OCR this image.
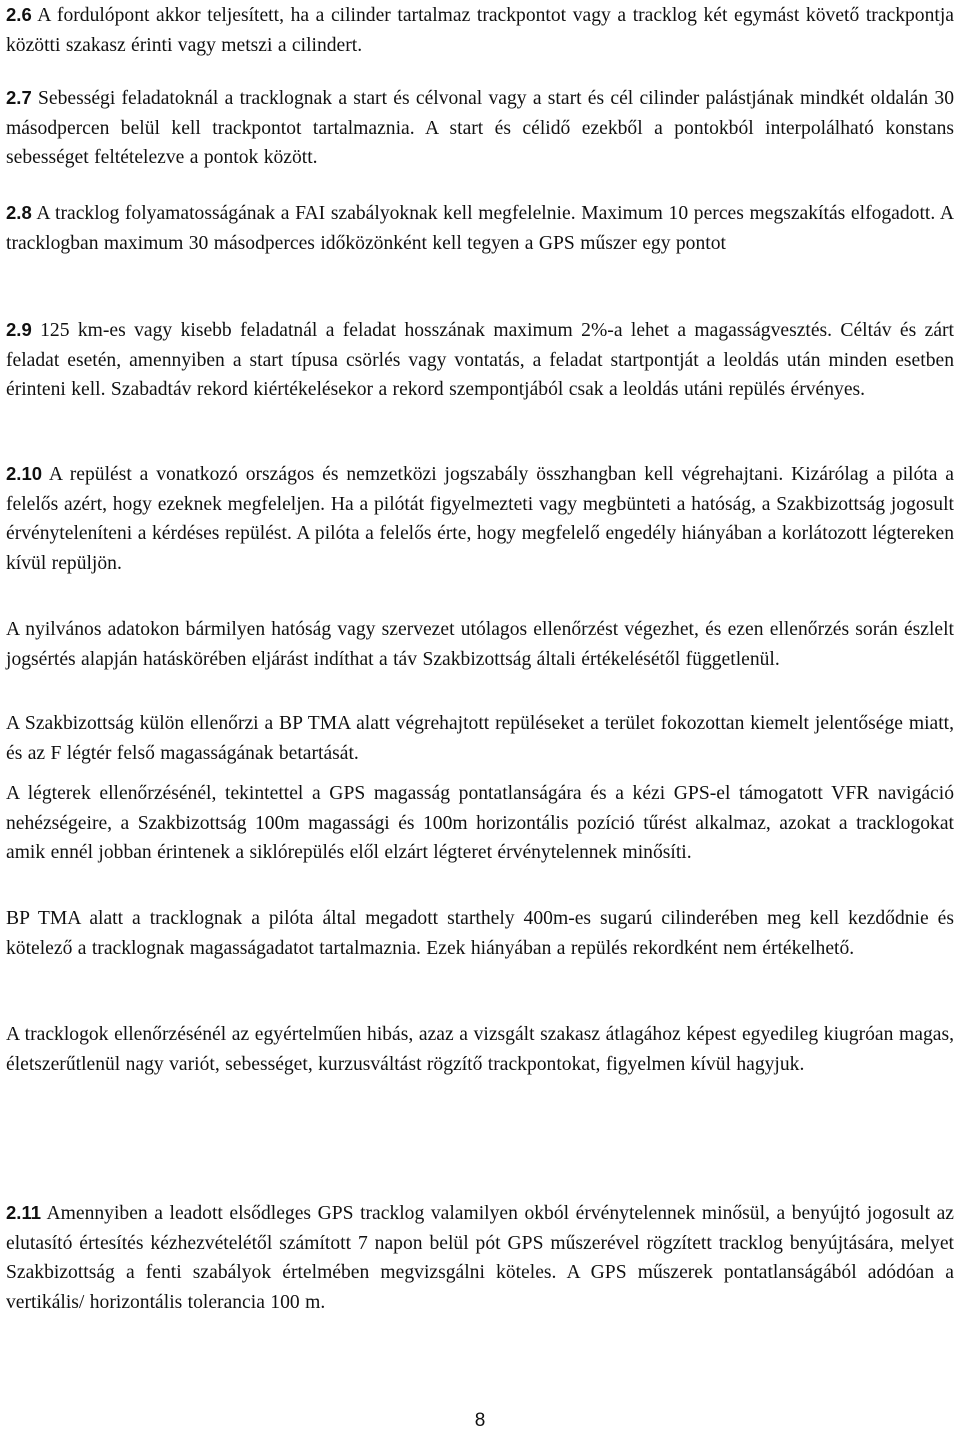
2.6 A fordulópont akkor teljesített, ha a cilinder tartalmaz trackpontot vagy a tracklog két egymást követő trackpontja közötti szakasz érinti vagy metszi a cilindert.

2.7 Sebességi feladatoknál a tracklognak a start és célvonal vagy a start és cél cilinder palástjának mindkét oldalán 30 másodpercen belül kell trackpontot tartalmaznia. A start és célidő ezekből a pontokból interpolálható konstans sebességet feltételezve a pontok között.

2.8 A tracklog folyamatosságának a FAI szabályoknak kell megfelelnie. Maximum 10 perces megszakítás elfogadott. A tracklogban maximum 30 másodperces időközönként kell tegyen a GPS műszer egy pontot

2.9 125 km-es vagy kisebb feladatnál a feladat hosszának maximum 2%-a lehet a magasságvesztés. Céltáv és zárt feladat esetén, amennyiben a start típusa csörlés vagy vontatás, a feladat startpontját a leoldás után minden esetben érinteni kell. Szabadtáv rekord kiértékelésekor a rekord szempontjából csak a leoldás utáni repülés érvényes.

2.10 A repülést a vonatkozó országos és nemzetközi jogszabály összhangban kell végrehajtani. Kizárólag a pilóta a felelős azért, hogy ezeknek megfeleljen. Ha a pilótát figyelmezteti vagy megbünteti a hatóság, a Szakbizottság jogosult érvényteleníteni a kérdéses repülést. A pilóta a felelős érte, hogy megfelelő engedély hiányában a korlátozott légtereken kívül repüljön.

A nyilvános adatokon bármilyen hatóság vagy szervezet utólagos ellenőrzést végezhet, és ezen ellenőrzés során észlelt jogsértés alapján hatáskörében eljárást indíthat a táv Szakbizottság általi értékelésétől függetlenül.

A Szakbizottság külön ellenőrzi a BP TMA alatt végrehajtott repüléseket a terület fokozottan kiemelt jelentősége miatt, és az F légtér felső magasságának betartását.

A légterek ellenőrzésénél, tekintettel a GPS magasság pontatlanságára és a kézi GPS-el támogatott VFR navigáció nehézségeire, a Szakbizottság 100m magassági és 100m horizontális pozíció tűrést alkalmaz, azokat a tracklogokat amik ennél jobban érintenek a siklórepülés elől elzárt légteret érvénytelennek minősíti.

BP TMA alatt a tracklognak a pilóta által megadott starthely 400m-es sugarú cilinderében meg kell kezdődnie és kötelező a tracklognak magasságadatot tartalmaznia. Ezek hiányában a repülés rekordként nem értékelhető.

A tracklogok ellenőrzésénél az egyértelműen hibás, azaz a vizsgált szakasz átlagához képest egyedileg kiugróan magas, életszerűtlenül nagy variót, sebességet, kurzusváltást rögzítő trackpontokat, figyelmen kívül hagyjuk.

2.11 Amennyiben a leadott elsődleges GPS tracklog valamilyen okból érvénytelennek minősül, a benyújtó jogosult az elutasító értesítés kézhezvételétől számított 7 napon belül pót GPS műszerével rögzített tracklog benyújtására, melyet Szakbizottság a fenti szabályok értelmében megvizsgálni köteles. A GPS műszerek pontatlanságából adódóan a vertikális/ horizontális tolerancia 100 m.

8
